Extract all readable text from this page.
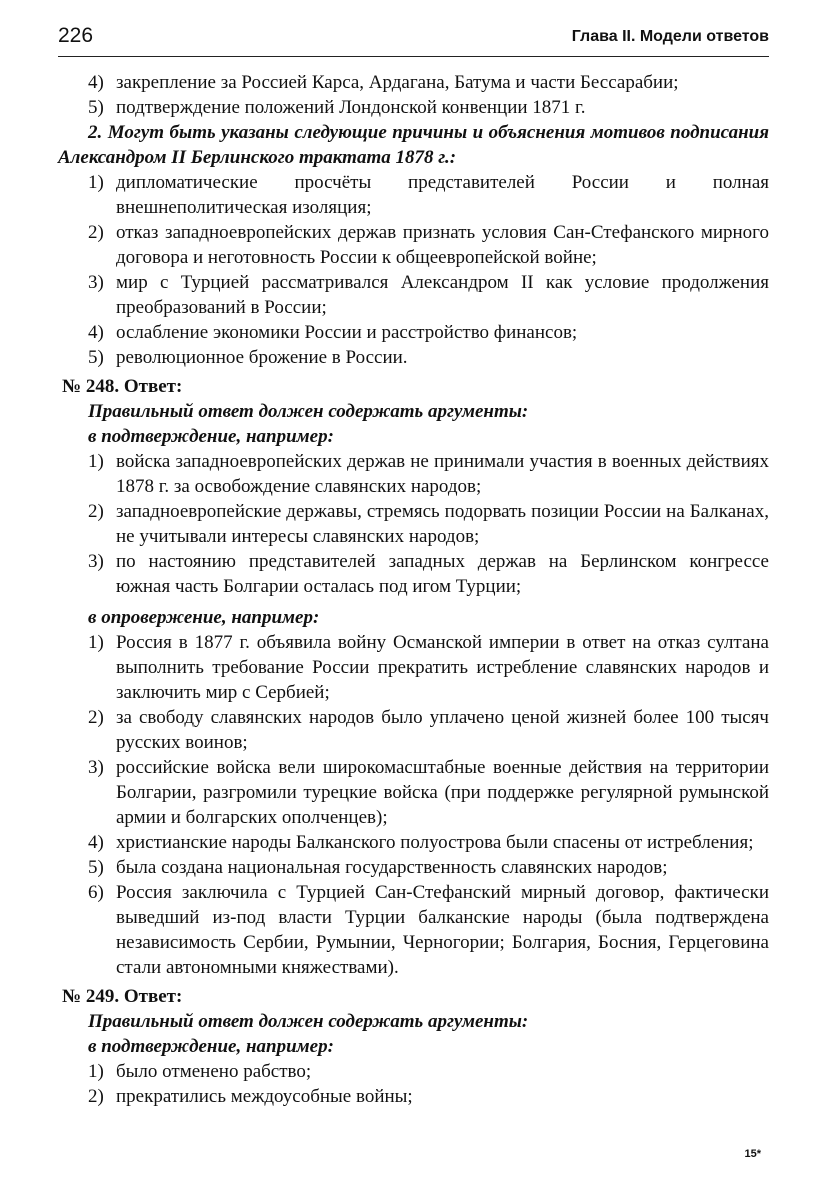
226	Глава II. Модели ответов
4) закрепление за Россией Карса, Ардагана, Батума и части Бессарабии;
5) подтверждение положений Лондонской конвенции 1871 г.

2. Могут быть указаны следующие причины и объяснения мотивов подписания Александром II Берлинского трактата 1878 г.:

1) дипломатические просчёты представителей России и полная внешнеполитическая изоляция;
2) отказ западноевропейских держав признать условия Сан-Стефанского мирного договора и неготовность России к общеевропейской войне;
3) мир с Турцией рассматривался Александром II как условие продолжения преобразований в России;
4) ослабление экономики России и расстройство финансов;
5) революционное брожение в России.
№ 248. Ответ:
Правильный ответ должен содержать аргументы:
в подтверждение, например:
1) войска западноевропейских держав не принимали участия в военных действиях 1878 г. за освобождение славянских народов;
2) западноевропейские державы, стремясь подорвать позиции России на Балканах, не учитывали интересы славянских народов;
3) по настоянию представителей западных держав на Берлинском конгрессе южная часть Болгарии осталась под игом Турции;
в опровержение, например:
1) Россия в 1877 г. объявила войну Османской империи в ответ на отказ султана выполнить требование России прекратить истребление славянских народов и заключить мир с Сербией;
2) за свободу славянских народов было уплачено ценой жизней более 100 тысяч русских воинов;
3) российские войска вели широкомасштабные военные действия на территории Болгарии, разгромили турецкие войска (при поддержке регулярной румынской армии и болгарских ополченцев);
4) христианские народы Балканского полуострова были спасены от истребления;
5) была создана национальная государственность славянских народов;
6) Россия заключила с Турцией Сан-Стефанский мирный договор, фактически выведший из-под власти Турции балканские народы (была подтверждена независимость Сербии, Румынии, Черногории; Болгария, Босния, Герцеговина стали автономными княжествами).
№ 249. Ответ:
Правильный ответ должен содержать аргументы:
в подтверждение, например:
1) было отменено рабство;
2) прекратились междоусобные войны;
15*
